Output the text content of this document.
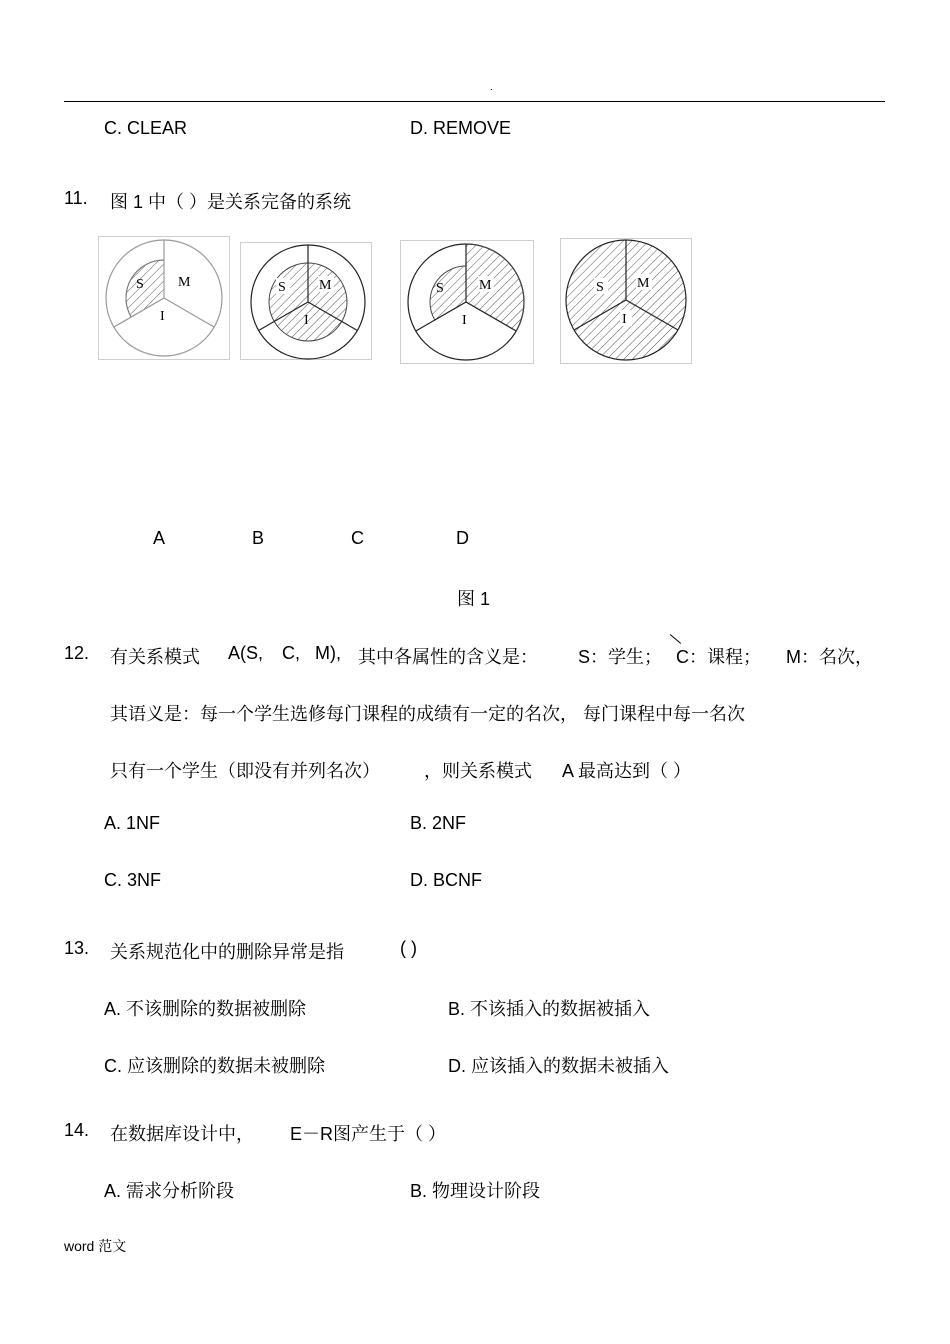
.
C. CLEAR	D. REMOVE
11. 图 1 中（ ）是关系完备的系统
S M
I
S M
I
S	M
I
S M
I
A	B	C	D
图 1
12. 有关系模式 A(S, C, M), 其中各属性的含义是： S：学生； C：课程； M：名次，
其语义是：每一个学生选修每门课程的成绩有一定的名次， 每门课程中每一名次
只有一个学生（即没有并列名次） ，则关系模式 A 最高达到（ ）
A. 1NF	B. 2NF
C. 3NF	D. BCNF
13. 关系规范化中的删除异常是指	( )
A. 不该删除的数据被删除	B. 不该插入的数据被插入
C. 应该删除的数据未被删除	D. 应该插入的数据未被插入
14. 在数据库设计中， E－R图产生于（ ）
A. 需求分析阶段	B. 物理设计阶段
word 范文
